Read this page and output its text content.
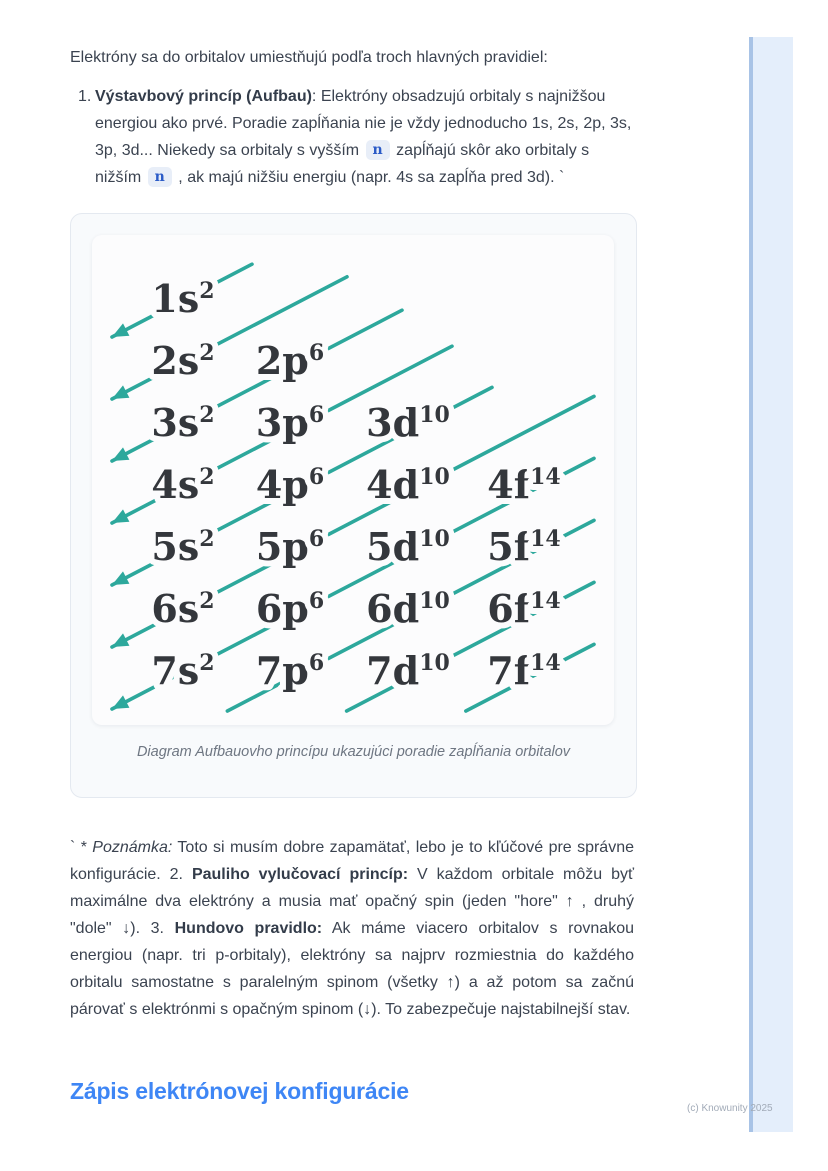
Elektróny sa do orbitalov umiestňujú podľa troch hlavných pravidiel:

1. Výstavbový princíp (Aufbau): Elektróny obsadzujú orbitaly s najnižšou energiou ako prvé. Poradie zapĺňania nie je vždy jednoducho 1s, 2s, 2p, 3s, 3p, 3d... Niekedy sa orbitaly s vyšším n zapĺňajú skôr ako orbitaly s nižším n , ak majú nižšiu energiu (napr. 4s sa zapĺňa pred 3d). `
$1s^2$
$2s^2$ $2p^6$
$3s^2$ $3p^6$ $3d^{10}$
$4s^2$ $4p^6$ $4d^{10}$ $4f^{14}$
$5s^2$ $5p^6$ $5d^{10}$ $5f^{14}$
$6s^2$ $6p^6$ $6d^{10}$ $6f^{14}$
$7s^2$ $7p^6$ $7d^{10}$ $7f^{14}$
Diagram Aufbauovho princípu ukazujúci poradie zapĺňania orbitalov

` * Poznámka: Toto si musím dobre zapamätať, lebo je to kľúčové pre správne konfigurácie. 2. Pauliho vylučovací princíp: V každom orbitale môžu byť maximálne dva elektróny a musia mať opačný spin (jeden "hore" ↑ , druhý "dole" ↓). 3. Hundovo pravidlo: Ak máme viacero orbitalov s rovnakou energiou (napr. tri p-orbitaly), elektróny sa najprv rozmiestnia do každého orbitalu samostatne s paralelným spinom (všetky ↑) a až potom sa začnú párovať s elektrónmi s opačným spinom (↓). To zabezpečuje najstabilnejší stav.

Zápis elektrónovej konfigurácie
(c) Knowunity 2025
